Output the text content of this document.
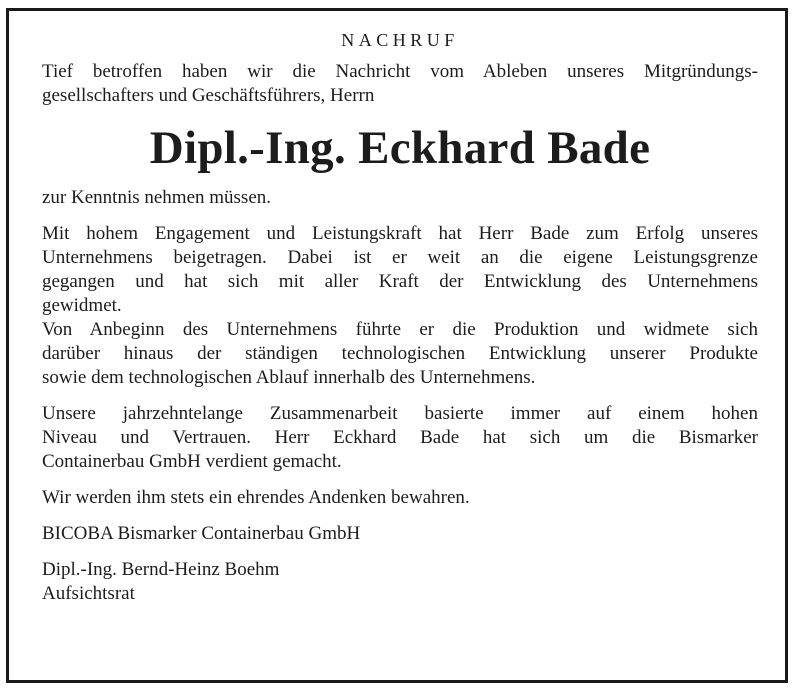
NACHRUF

Tief betroffen haben wir die Nachricht vom Ableben unseres Mitgründungs-
gesellschafters und Geschäftsführers, Herrn

Dipl.-Ing. Eckhard Bade

zur Kenntnis nehmen müssen.

Mit hohem Engagement und Leistungskraft hat Herr Bade zum Erfolg unseres
Unternehmens beigetragen. Dabei ist er weit an die eigene Leistungsgrenze
gegangen und hat sich mit aller Kraft der Entwicklung des Unternehmens
gewidmet.

Von Anbeginn des Unternehmens führte er die Produktion und widmete sich
darüber hinaus der ständigen technologischen Entwicklung unserer Produkte
sowie dem technologischen Ablauf innerhalb des Unternehmens.

Unsere jahrzehntelange Zusammenarbeit basierte immer auf einem hohen
Niveau und Vertrauen. Herr Eckhard Bade hat sich um die Bismarker
Containerbau GmbH verdient gemacht.

Wir werden ihm stets ein ehrendes Andenken bewahren.

BICOBA Bismarker Containerbau GmbH

Dipl.-Ing. Bernd-Heinz Boehm

Aufsichtsrat
